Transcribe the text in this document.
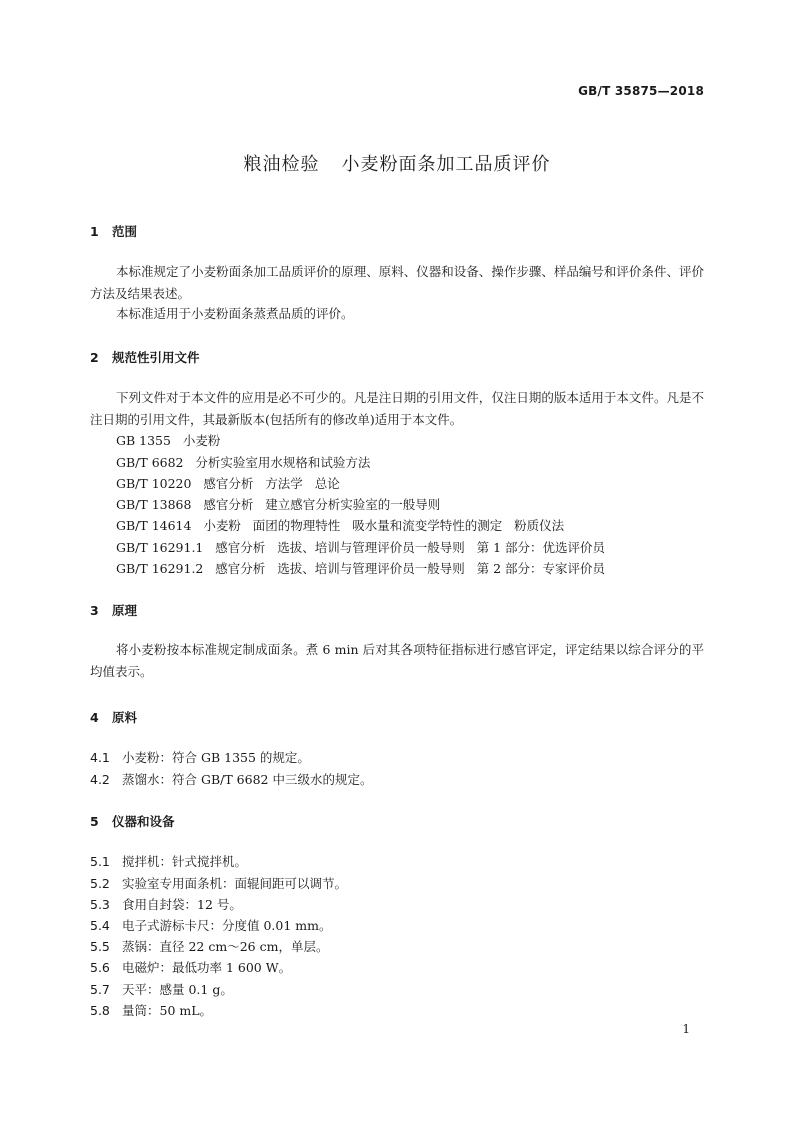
GB/T 35875—2018
粮油检验 小麦粉面条加工品质评价
1 范围
本标准规定了小麦粉面条加工品质评价的原理、原料、仪器和设备、操作步骤、样品编号和评价条件、评价方法及结果表述。
本标准适用于小麦粉面条蒸煮品质的评价。
2 规范性引用文件
下列文件对于本文件的应用是必不可少的。凡是注日期的引用文件，仅注日期的版本适用于本文件。凡是不注日期的引用文件，其最新版本(包括所有的修改单)适用于本文件。
GB 1355   小麦粉
GB/T 6682   分析实验室用水规格和试验方法
GB/T 10220   感官分析   方法学   总论
GB/T 13868   感官分析   建立感官分析实验室的一般导则
GB/T 14614   小麦粉   面团的物理特性   吸水量和流变学特性的测定   粉质仪法
GB/T 16291.1   感官分析   选拔、培训与管理评价员一般导则   第 1 部分：优选评价员
GB/T 16291.2   感官分析   选拔、培训与管理评价员一般导则   第 2 部分：专家评价员
3 原理
将小麦粉按本标准规定制成面条。煮 6 min 后对其各项特征指标进行感官评定，评定结果以综合评分的平均值表示。
4 原料
4.1 小麦粉：符合 GB 1355 的规定。
4.2 蒸馏水：符合 GB/T 6682 中三级水的规定。
5 仪器和设备
5.1 搅拌机：针式搅拌机。
5.2 实验室专用面条机：面辊间距可以调节。
5.3 食用自封袋：12 号。
5.4 电子式游标卡尺：分度值 0.01 mm。
5.5 蒸锅：直径 22 cm～26 cm，单层。
5.6 电磁炉：最低功率 1 600 W。
5.7 天平：感量 0.1 g。
5.8 量筒：50 mL。
1
